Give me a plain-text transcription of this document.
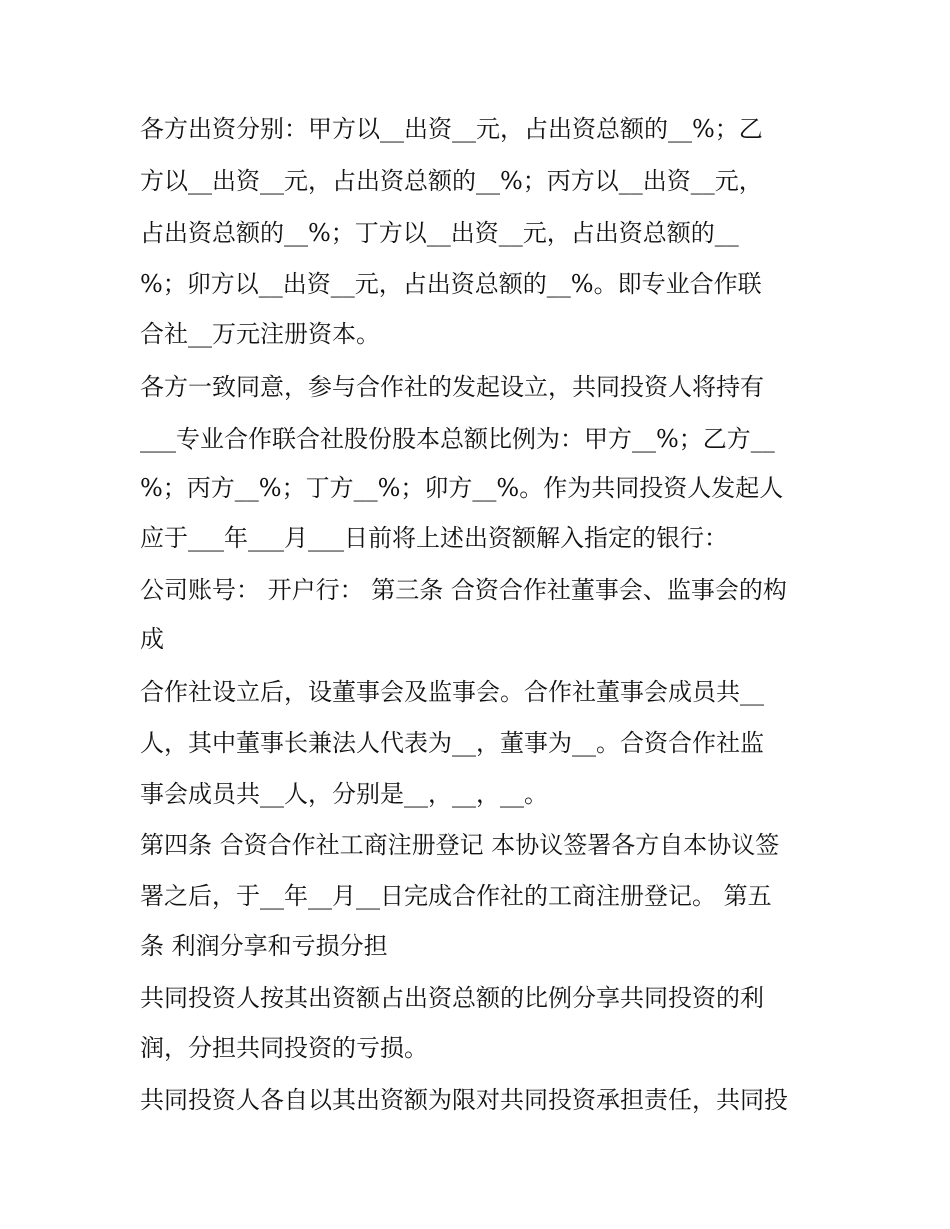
各方出资分别：甲方以__出资__元，占出资总额的__%；乙
方以__出资__元，占出资总额的__%；丙方以__出资__元，
占出资总额的__%；丁方以__出资__元，占出资总额的__
%；卯方以__出资__元，占出资总额的__%。即专业合作联
合社__万元注册资本。
各方一致同意，参与合作社的发起设立，共同投资人将持有
___专业合作联合社股份股本总额比例为：甲方__%；乙方__
%；丙方__%；丁方__%；卯方__%。作为共同投资人发起人
应于___年___月___日前将上述出资额解入指定的银行：
公司账号： 开户行： 第三条 合资合作社董事会、监事会的构
成
合作社设立后，设董事会及监事会。合作社董事会成员共__
人，其中董事长兼法人代表为__，董事为__。合资合作社监
事会成员共__人，分别是__，__，__。
第四条 合资合作社工商注册登记 本协议签署各方自本协议签
署之后，于__年__月__日完成合作社的工商注册登记。 第五
条 利润分享和亏损分担
共同投资人按其出资额占出资总额的比例分享共同投资的利
润，分担共同投资的亏损。
共同投资人各自以其出资额为限对共同投资承担责任，共同投
